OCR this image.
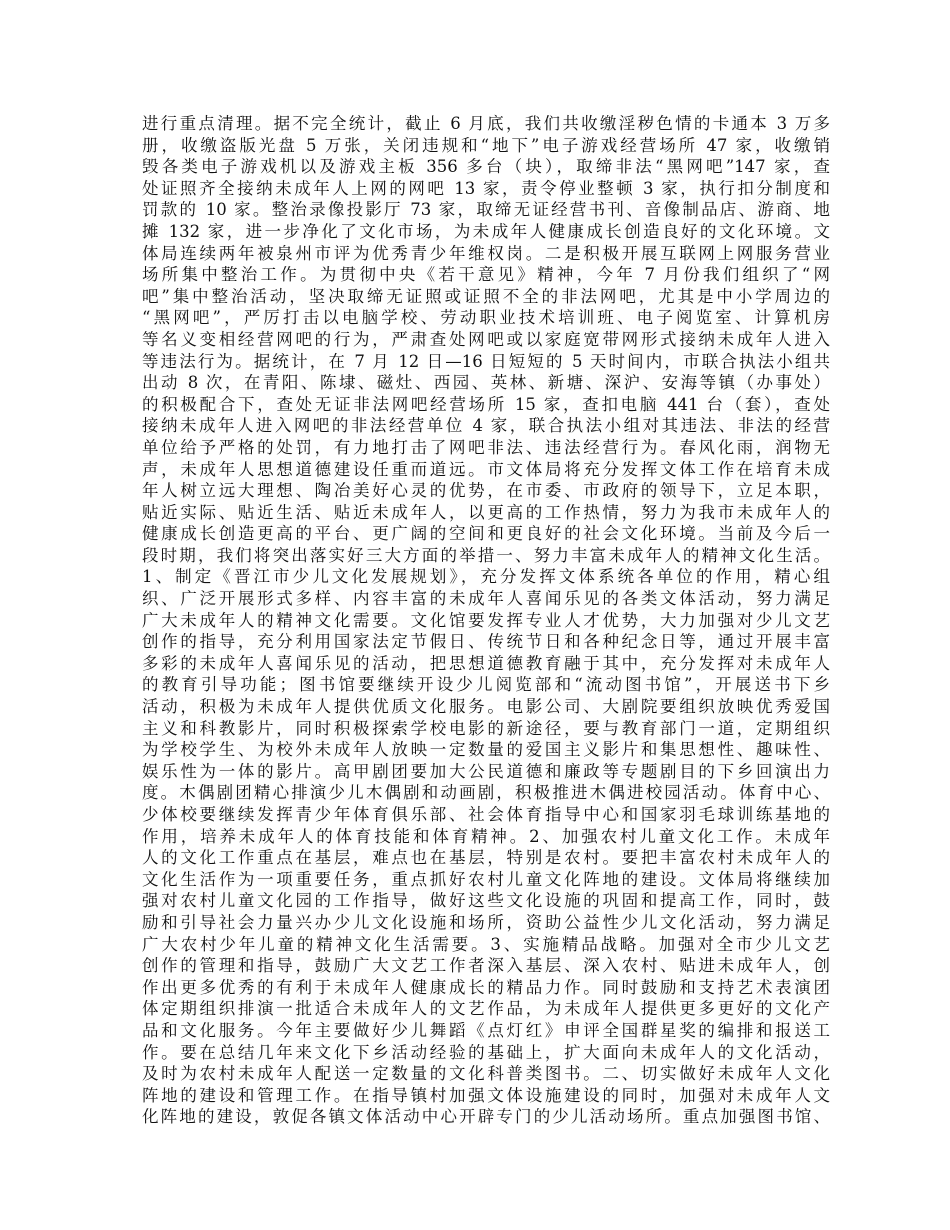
进行重点清理。据不完全统计，截止 6 月底，我们共收缴淫秽色情的卡通本 3 万多
册，收缴盗版光盘 5 万张，关闭违规和“地下”电子游戏经营场所 47 家，收缴销
毁各类电子游戏机以及游戏主板 356 多台（块），取缔非法“黑网吧”147 家，查
处证照齐全接纳未成年人上网的网吧 13 家，责令停业整顿 3 家，执行扣分制度和
罚款的 10 家。整治录像投影厅 73 家，取缔无证经营书刊、音像制品店、游商、地
摊 132 家，进一步净化了文化市场，为未成年人健康成长创造良好的文化环境。文
体局连续两年被泉州市评为优秀青少年维权岗。二是积极开展互联网上网服务营业
场所集中整治工作。为贯彻中央《若干意见》精神，今年 7 月份我们组织了“网
吧”集中整治活动，坚决取缔无证照或证照不全的非法网吧，尤其是中小学周边的
“黑网吧”，严厉打击以电脑学校、劳动职业技术培训班、电子阅览室、计算机房
等名义变相经营网吧的行为，严肃查处网吧或以家庭宽带网形式接纳未成年人进入
等违法行为。据统计，在 7 月 12 日—16 日短短的 5 天时间内，市联合执法小组共
出动 8 次，在青阳、陈埭、磁灶、西园、英林、新塘、深沪、安海等镇（办事处）
的积极配合下，查处无证非法网吧经营场所 15 家，查扣电脑 441 台（套），查处
接纳未成年人进入网吧的非法经营单位 4 家，联合执法小组对其违法、非法的经营
单位给予严格的处罚，有力地打击了网吧非法、违法经营行为。春风化雨，润物无
声，未成年人思想道德建设任重而道远。市文体局将充分发挥文体工作在培育未成
年人树立远大理想、陶冶美好心灵的优势，在市委、市政府的领导下，立足本职，
贴近实际、贴近生活、贴近未成年人，以更高的工作热情，努力为我市未成年人的
健康成长创造更高的平台、更广阔的空间和更良好的社会文化环境。当前及今后一
段时期，我们将突出落实好三大方面的举措一、努力丰富未成年人的精神文化生活。
1、制定《晋江市少儿文化发展规划》，充分发挥文体系统各单位的作用，精心组
织、广泛开展形式多样、内容丰富的未成年人喜闻乐见的各类文体活动，努力满足
广大未成年人的精神文化需要。文化馆要发挥专业人才优势，大力加强对少儿文艺
创作的指导，充分利用国家法定节假日、传统节日和各种纪念日等，通过开展丰富
多彩的未成年人喜闻乐见的活动，把思想道德教育融于其中，充分发挥对未成年人
的教育引导功能；图书馆要继续开设少儿阅览部和“流动图书馆”，开展送书下乡
活动，积极为未成年人提供优质文化服务。电影公司、大剧院要组织放映优秀爱国
主义和科教影片，同时积极探索学校电影的新途径，要与教育部门一道，定期组织
为学校学生、为校外未成年人放映一定数量的爱国主义影片和集思想性、趣味性、
娱乐性为一体的影片。高甲剧团要加大公民道德和廉政等专题剧目的下乡回演出力
度。木偶剧团精心排演少儿木偶剧和动画剧，积极推进木偶进校园活动。体育中心、
少体校要继续发挥青少年体育俱乐部、社会体育指导中心和国家羽毛球训练基地的
作用，培养未成年人的体育技能和体育精神。2、加强农村儿童文化工作。未成年
人的文化工作重点在基层，难点也在基层，特别是农村。要把丰富农村未成年人的
文化生活作为一项重要任务，重点抓好农村儿童文化阵地的建设。文体局将继续加
强对农村儿童文化园的工作指导，做好这些文化设施的巩固和提高工作，同时，鼓
励和引导社会力量兴办少儿文化设施和场所，资助公益性少儿文化活动，努力满足
广大农村少年儿童的精神文化生活需要。3、实施精品战略。加强对全市少儿文艺
创作的管理和指导，鼓励广大文艺工作者深入基层、深入农村、贴进未成年人，创
作出更多优秀的有利于未成年人健康成长的精品力作。同时鼓励和支持艺术表演团
体定期组织排演一批适合未成年人的文艺作品，为未成年人提供更多更好的文化产
品和文化服务。今年主要做好少儿舞蹈《点灯红》申评全国群星奖的编排和报送工
作。要在总结几年来文化下乡活动经验的基础上，扩大面向未成年人的文化活动，
及时为农村未成年人配送一定数量的文化科普类图书。二、切实做好未成年人文化
阵地的建设和管理工作。在指导镇村加强文体设施建设的同时，加强对未成年人文
化阵地的建设，敦促各镇文体活动中心开辟专门的少儿活动场所。重点加强图书馆、
